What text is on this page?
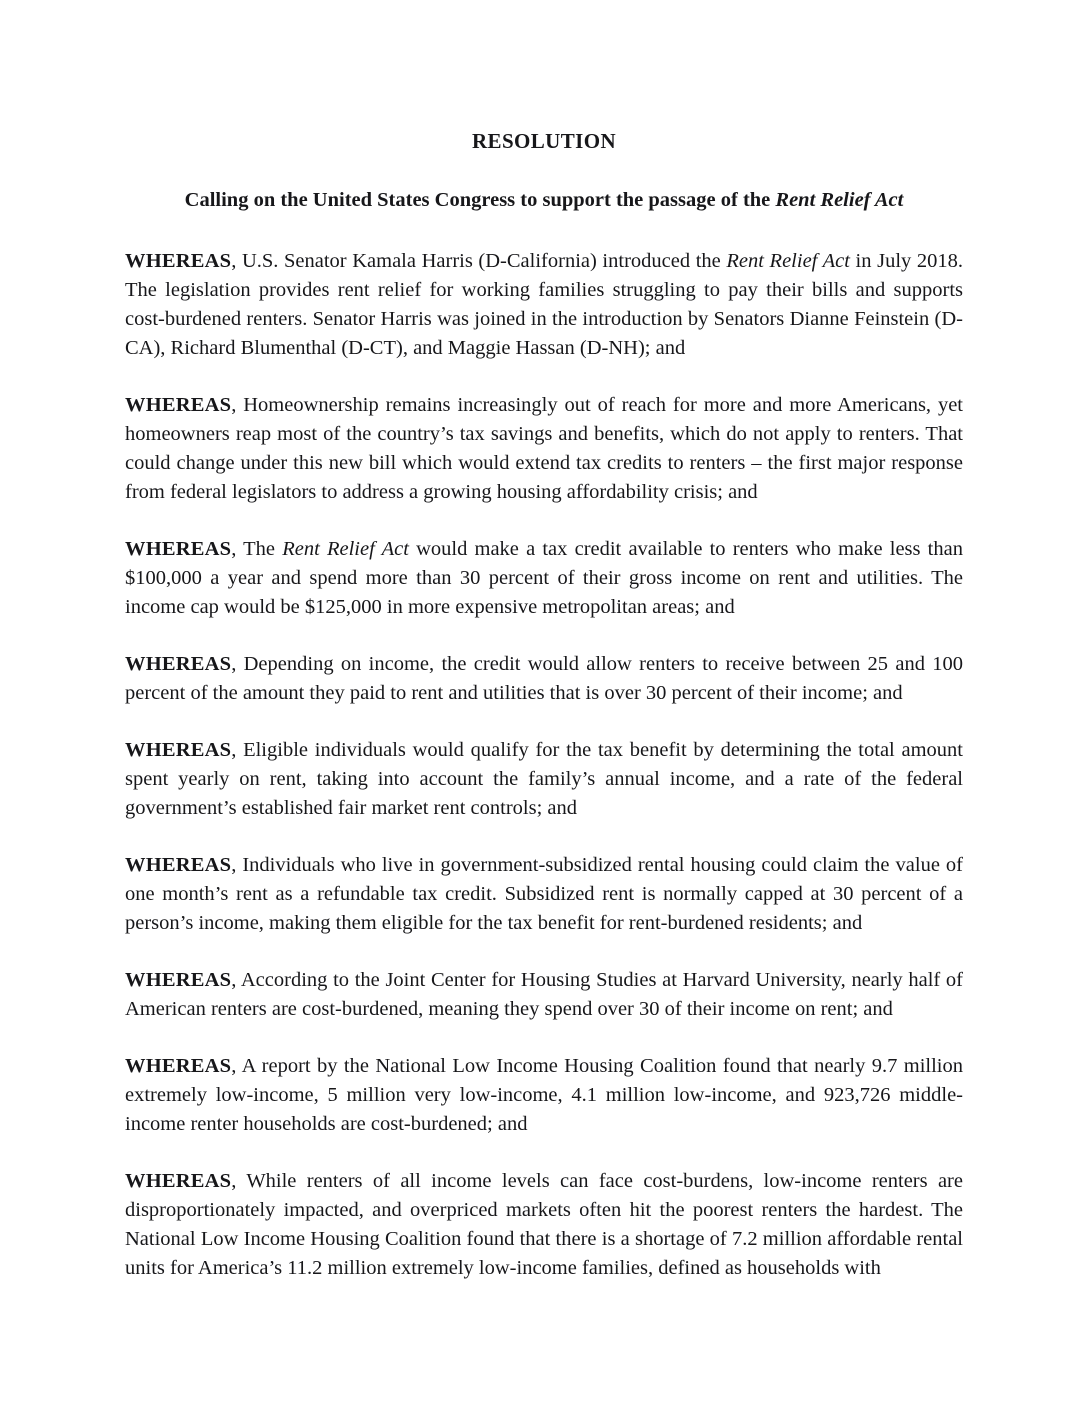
RESOLUTION
Calling on the United States Congress to support the passage of the Rent Relief Act

WHEREAS, U.S. Senator Kamala Harris (D-California) introduced the Rent Relief Act in July 2018. The legislation provides rent relief for working families struggling to pay their bills and supports cost-burdened renters. Senator Harris was joined in the introduction by Senators Dianne Feinstein (D-CA), Richard Blumenthal (D-CT), and Maggie Hassan (D-NH); and

WHEREAS, Homeownership remains increasingly out of reach for more and more Americans, yet homeowners reap most of the country’s tax savings and benefits, which do not apply to renters. That could change under this new bill which would extend tax credits to renters – the first major response from federal legislators to address a growing housing affordability crisis; and

WHEREAS, The Rent Relief Act would make a tax credit available to renters who make less than $100,000 a year and spend more than 30 percent of their gross income on rent and utilities. The income cap would be $125,000 in more expensive metropolitan areas; and

WHEREAS, Depending on income, the credit would allow renters to receive between 25 and 100 percent of the amount they paid to rent and utilities that is over 30 percent of their income; and

WHEREAS, Eligible individuals would qualify for the tax benefit by determining the total amount spent yearly on rent, taking into account the family’s annual income, and a rate of the federal government’s established fair market rent controls; and

WHEREAS, Individuals who live in government-subsidized rental housing could claim the value of one month’s rent as a refundable tax credit. Subsidized rent is normally capped at 30 percent of a person’s income, making them eligible for the tax benefit for rent-burdened residents; and

WHEREAS, According to the Joint Center for Housing Studies at Harvard University, nearly half of American renters are cost-burdened, meaning they spend over 30 of their income on rent; and

WHEREAS, A report by the National Low Income Housing Coalition found that nearly 9.7 million extremely low-income, 5 million very low-income, 4.1 million low-income, and 923,726 middle-income renter households are cost-burdened; and

WHEREAS, While renters of all income levels can face cost-burdens, low-income renters are disproportionately impacted, and overpriced markets often hit the poorest renters the hardest. The National Low Income Housing Coalition found that there is a shortage of 7.2 million affordable rental units for America’s 11.2 million extremely low-income families, defined as households with
